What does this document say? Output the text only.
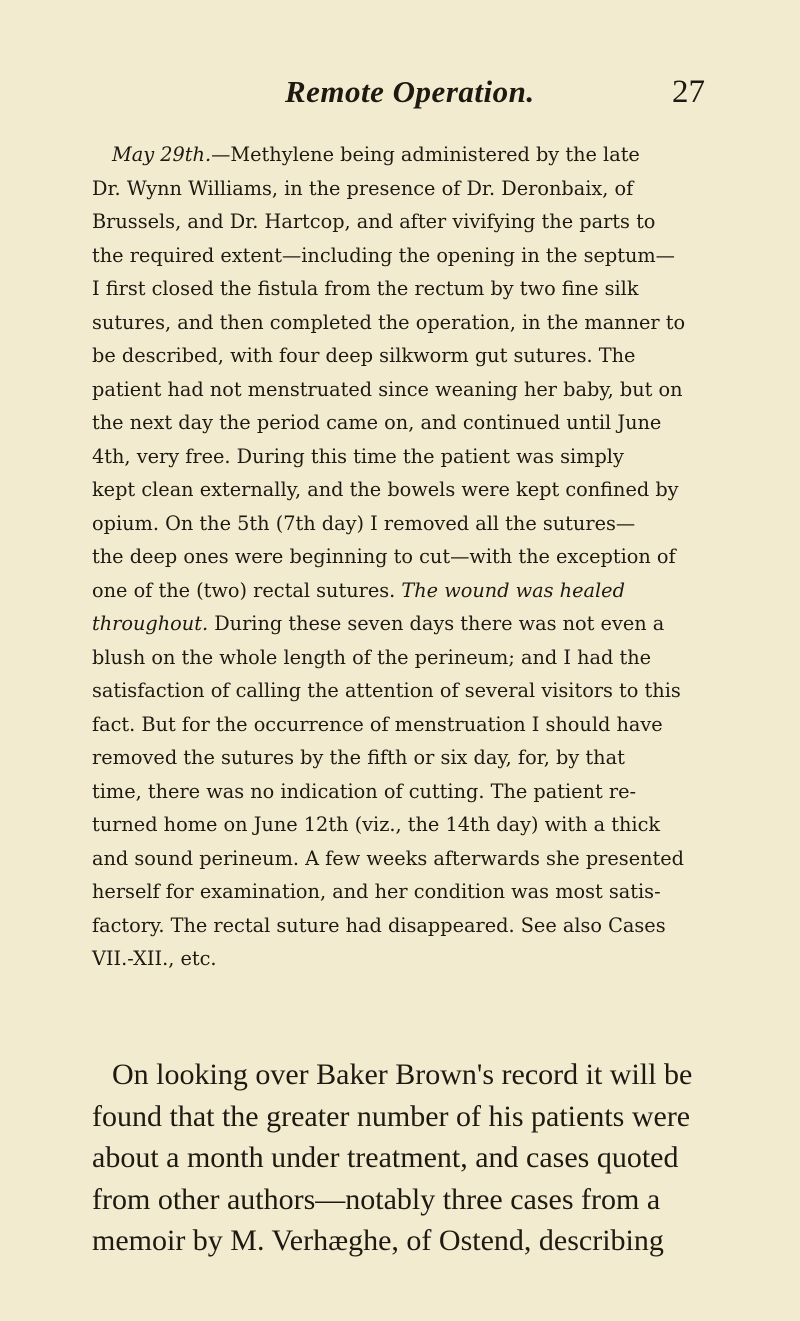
Remote Operation.	27
May 29th.—Methylene being administered by the late
Dr. Wynn Williams, in the presence of Dr. Deronbaix, of
Brussels, and Dr. Hartcop, and after vivifying the parts to
the required extent—including the opening in the septum—
I first closed the fistula from the rectum by two fine silk
sutures, and then completed the operation, in the manner to
be described, with four deep silkworm gut sutures. The
patient had not menstruated since weaning her baby, but on
the next day the period came on, and continued until June
4th, very free. During this time the patient was simply
kept clean externally, and the bowels were kept confined by
opium. On the 5th (7th day) I removed all the sutures—
the deep ones were beginning to cut—with the exception of
one of the (two) rectal sutures. The wound was healed
throughout. During these seven days there was not even a
blush on the whole length of the perineum; and I had the
satisfaction of calling the attention of several visitors to this
fact. But for the occurrence of menstruation I should have
removed the sutures by the fifth or six day, for, by that
time, there was no indication of cutting. The patient re-
turned home on June 12th (viz., the 14th day) with a thick
and sound perineum. A few weeks afterwards she presented
herself for examination, and her condition was most satis-
factory. The rectal suture had disappeared. See also Cases
VII.-XII., etc.
On looking over Baker Brown's record it will be
found that the greater number of his patients were
about a month under treatment, and cases quoted
from other authors—notably three cases from a
memoir by M. Verhæghe, of Ostend, describing
